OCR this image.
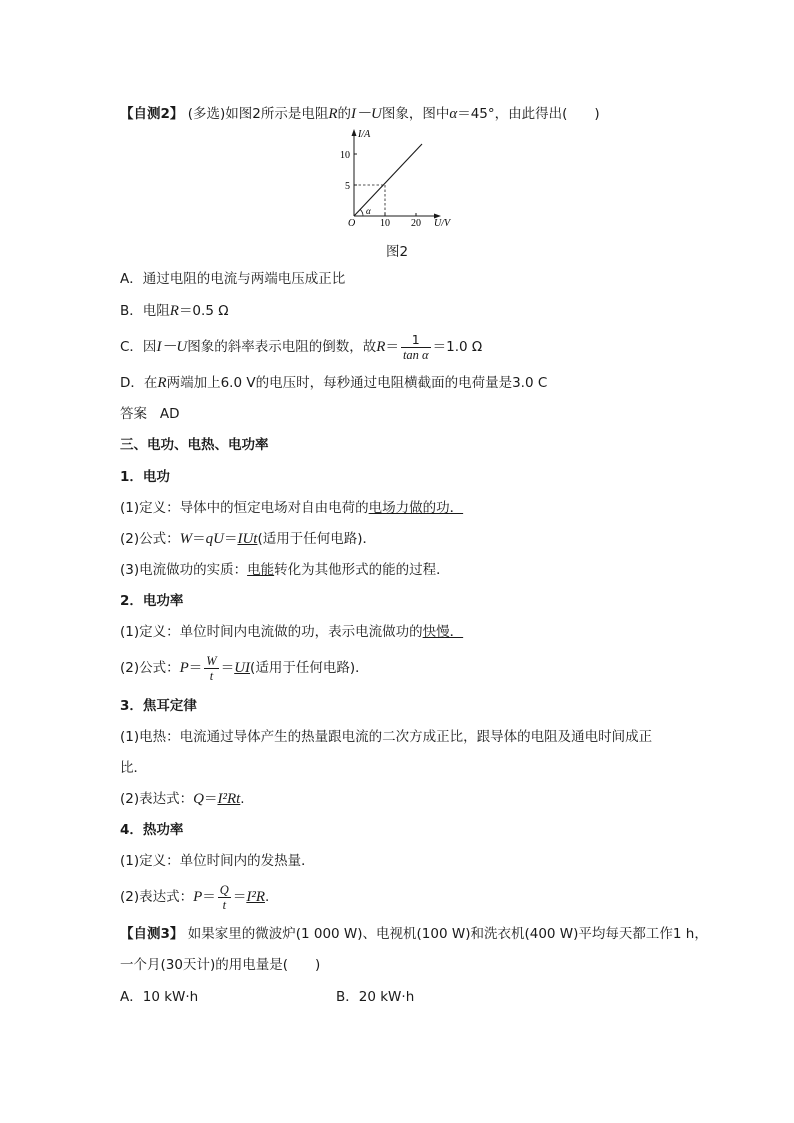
【自测2】 (多选)如图2所示是电阻R的I－U图象，图中α＝45°，由此得出(　　)
I/A
10
5
O
α
10 20 U/V
图2
A．通过电阻的电流与两端电压成正比
B．电阻R＝0.5 Ω
C．因I－U图象的斜率表示电阻的倒数，故$R= \frac{1}{\text{tan α}} =1.0$ Ω
D．在R两端加上6.0 V的电压时，每秒通过电阻横截面的电荷量是3.0 C
答案 AD
三、电功、电热、电功率
1．电功
(1)定义：导体中的恒定电场对自由电荷的电场力做的功．
(2)公式：W＝qU＝IUt(适用于任何电路)．
(3)电流做功的实质：电能转化为其他形式的能的过程．
2．电功率
(1)定义：单位时间内电流做的功，表示电流做功的快慢．
(2)公式：$P= \frac{W}{t} =UI$(适用于任何电路)．
3．焦耳定律
(1)电热：电流通过导体产生的热量跟电流的二次方成正比，跟导体的电阻及通电时间成正
比．
(2)表达式：Q＝I²Rt.
4．热功率
(1)定义：单位时间内的发热量．
(2)表达式：$P= \frac{Q}{t} =I^2R$.
【自测3】 如果家里的微波炉(1 000 W)、电视机(100 W)和洗衣机(400 W)平均每天都工作1 h，
一个月(30天计)的用电量是(　　)
A．10 kW·h	B．20 kW·h
